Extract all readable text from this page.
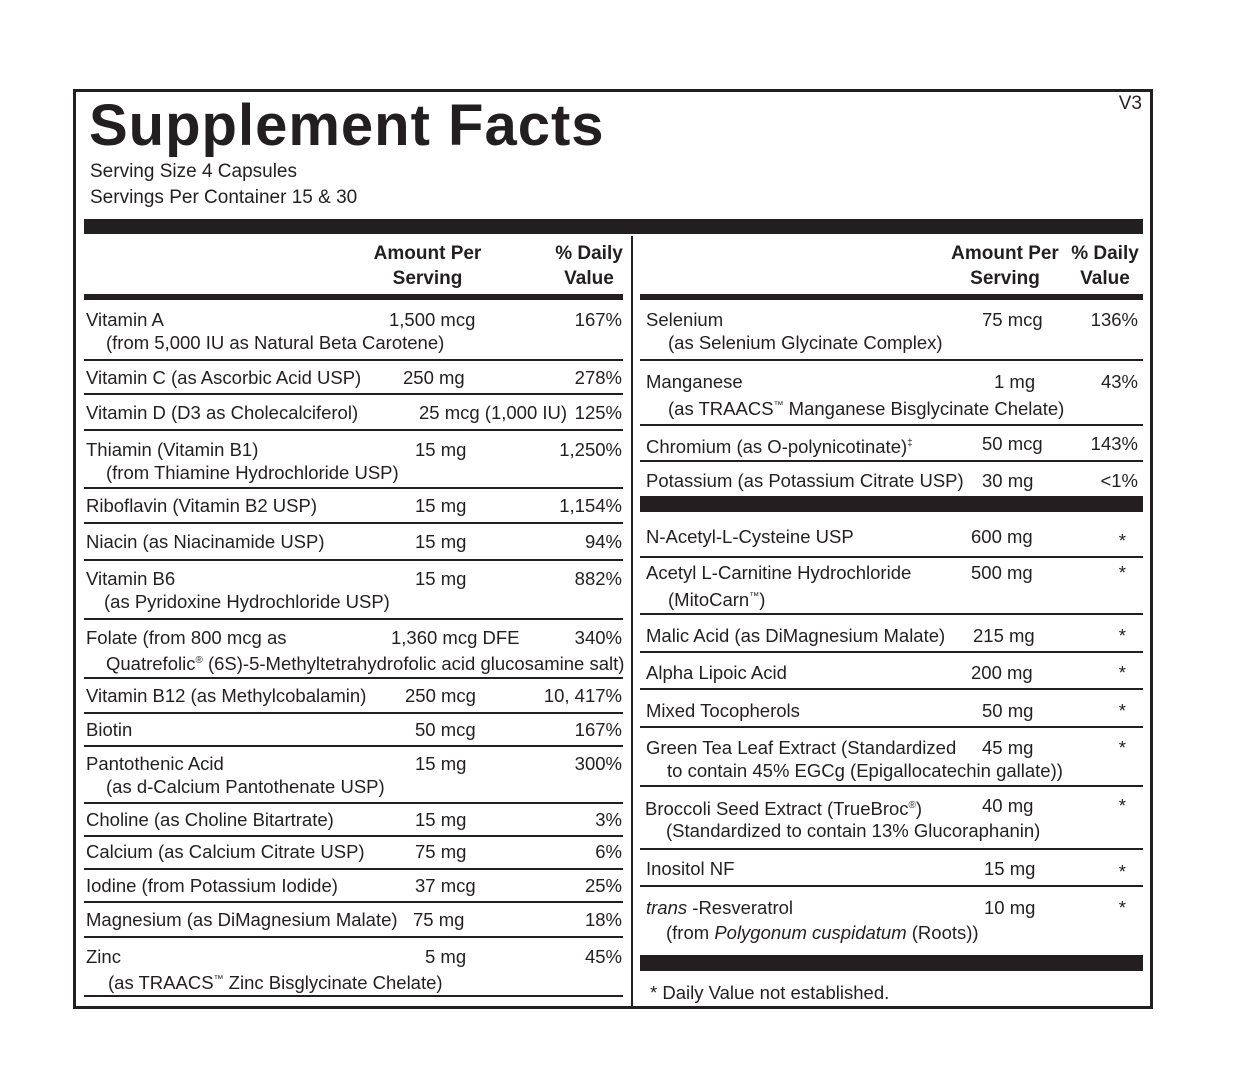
Supplement Facts	V3
Serving Size 4 Capsules
Servings Per Container 15 & 30
Amount Per
Serving
% Daily
Value
Amount Per
Serving
% Daily
Value
Vitamin A
(from 5,000 IU as Natural Beta Carotene)
1,500 mcg	167%
Vitamin C (as Ascorbic Acid USP) 250 mg	278%
Vitamin D (D3 as Cholecalciferol)	25 mcg (1,000 IU) 125%
Thiamin (Vitamin B1)
(from Thiamine Hydrochloride USP)
15 mg	1,250%
Riboflavin (Vitamin B2 USP)	15 mg	1,154%
Niacin (as Niacinamide USP)	15 mg	94%
Vitamin B6
(as Pyridoxine Hydrochloride USP)
15 mg	882%
Folate (from 800 mcg as
Quatrefolic® (6S)-5-Methyltetrahydrofolic acid glucosamine salt)
1,360 mcg DFE	340%
Vitamin B12 (as Methylcobalamin) 250 mcg	10, 417%
Biotin	50 mcg	167%
Pantothenic Acid
(as d-Calcium Pantothenate USP)
15 mg	300%
Choline (as Choline Bitartrate)	15 mg	3%
Calcium (as Calcium Citrate USP)	75 mg	6%
Iodine (from Potassium Iodide)	37 mcg	25%
Magnesium (as DiMagnesium Malate) 75 mg	18%
Zinc
(as TRAACS™ Zinc Bisglycinate Chelate)
5 mg	45%
Selenium
(as Selenium Glycinate Complex)
75 mcg	136%
Manganese
(as TRAACS™ Manganese Bisglycinate Chelate)
1 mg	43%
Chromium (as O-polynicotinate)‡	50 mcg	143%
Potassium (as Potassium Citrate USP) 30 mg	<1%
N-Acetyl-L-Cysteine USP	600 mg	*
Acetyl L-Carnitine Hydrochloride
(MitoCarn™)
500 mg	*
Malic Acid (as DiMagnesium Malate) 215 mg	*
Alpha Lipoic Acid	200 mg	*
Mixed Tocopherols	50 mg	*
Green Tea Leaf Extract (Standardized
to contain 45% EGCg (Epigallocatechin gallate))
45 mg	*
Broccoli Seed Extract (TrueBroc®)
(Standardized to contain 13% Glucoraphanin)
40 mg	*
Inositol NF	15 mg	*
trans -Resveratrol
(from Polygonum cuspidatum (Roots))
10 mg	*
* Daily Value not established.
